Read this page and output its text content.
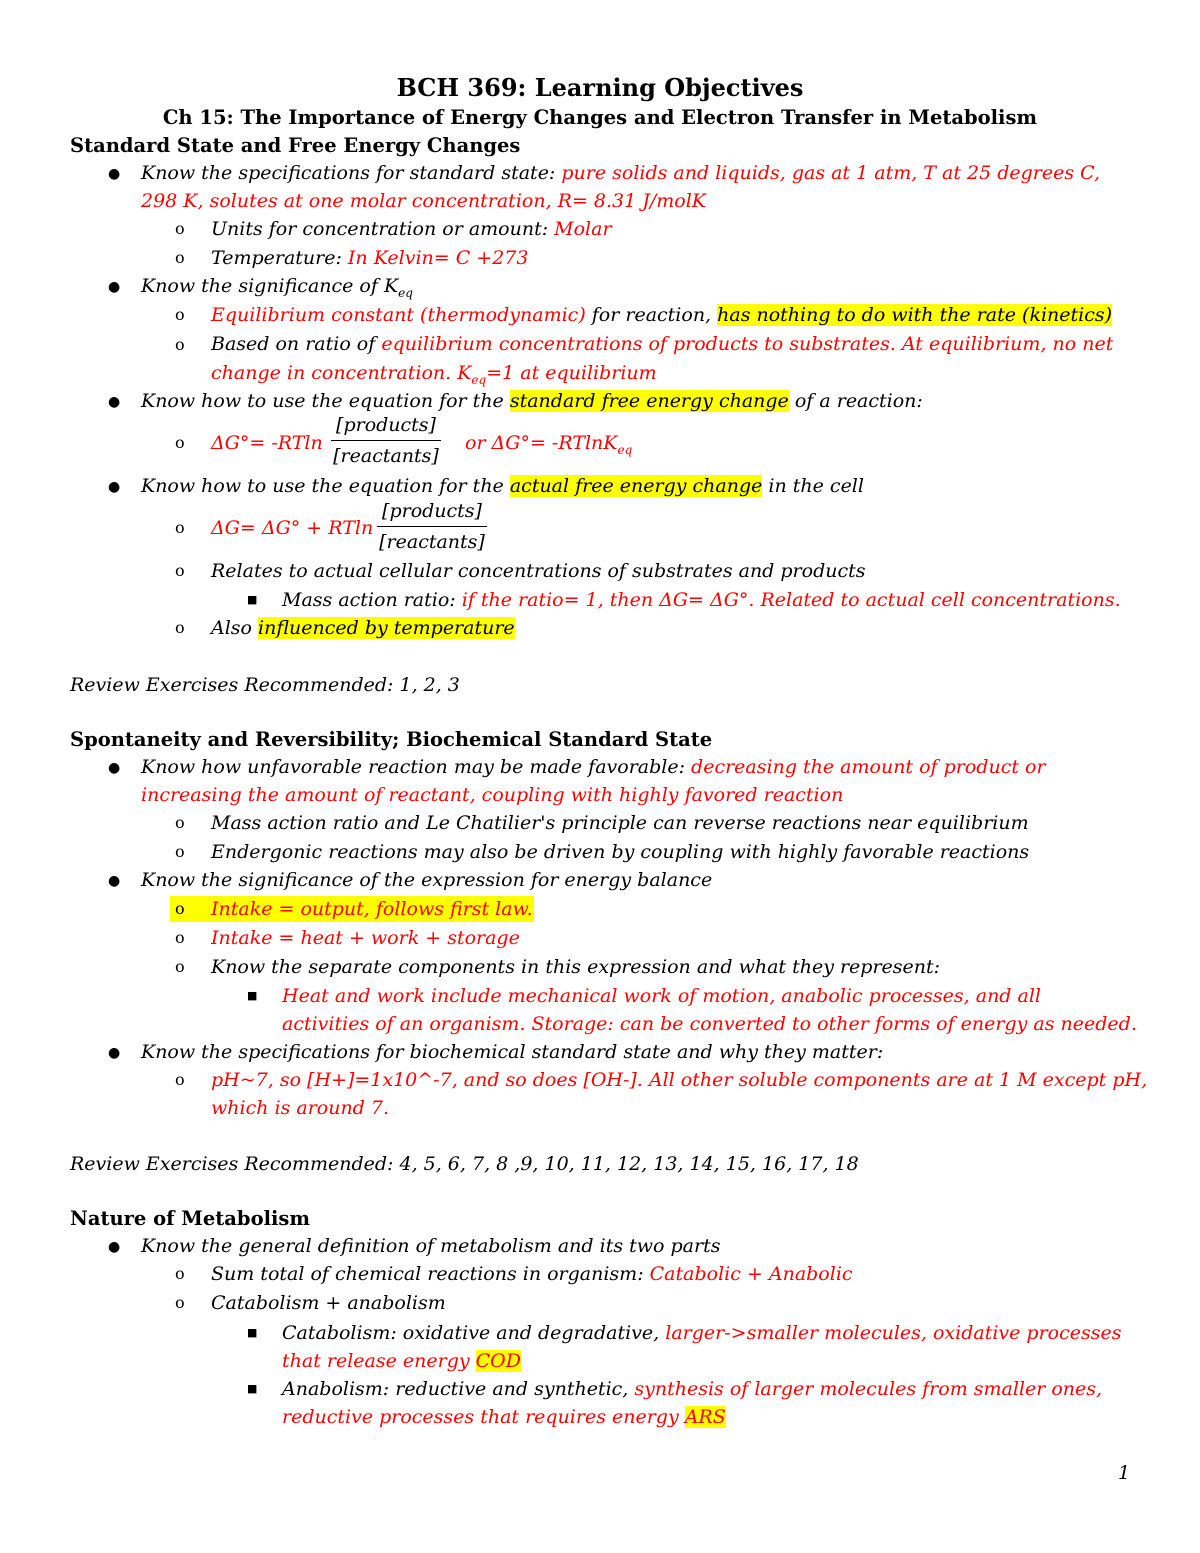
BCH 369: Learning Objectives
Ch 15: The Importance of Energy Changes and Electron Transfer in Metabolism
Standard State and Free Energy Changes
● Know the specifications for standard state: pure solids and liquids, gas at 1 atm, T at 25 degrees C,
298 K, solutes at one molar concentration, R= 8.31 J/molK
o Units for concentration or amount: Molar
o Temperature: In Kelvin= C +273
● Know the significance of $K_{eq}$
o Equilibrium constant (thermodynamic) for reaction, has nothing to do with the rate (kinetics)
o Based on ratio of equilibrium concentrations of products to substrates. At equilibrium, no net
change in concentration. $K_{eq}=1$ at equilibrium
● Know how to use the equation for the standard free energy change of a reaction:
o ΔG°= -RTln
[products]
[reactants]
or ΔG°= -RTlnK$_{eq}$
● Know how to use the equation for the actual free energy change in the cell
o ΔG= ΔG° + RTln
[products]
[reactants]
o Relates to actual cellular concentrations of substrates and products
■ Mass action ratio: if the ratio= 1, then ΔG= ΔG°. Related to actual cell concentrations.
o Also influenced by temperature
Review Exercises Recommended: 1, 2, 3
Spontaneity and Reversibility; Biochemical Standard State
● Know how unfavorable reaction may be made favorable: decreasing the amount of product or
increasing the amount of reactant, coupling with highly favored reaction
o Mass action ratio and Le Chatilier's principle can reverse reactions near equilibrium
o Endergonic reactions may also be driven by coupling with highly favorable reactions
● Know the significance of the expression for energy balance
o Intake = output, follows first law.
o Intake = heat + work + storage
o Know the separate components in this expression and what they represent:
■ Heat and work include mechanical work of motion, anabolic processes, and all
activities of an organism. Storage: can be converted to other forms of energy as needed.
● Know the specifications for biochemical standard state and why they matter:
o pH~7, so [H+]=1x10^-7, and so does [OH-]. All other soluble components are at 1 M except pH,
which is around 7.
Review Exercises Recommended: 4, 5, 6, 7, 8 ,9, 10, 11, 12, 13, 14, 15, 16, 17, 18
Nature of Metabolism
● Know the general definition of metabolism and its two parts
o Sum total of chemical reactions in organism: Catabolic + Anabolic
o Catabolism + anabolism
■ Catabolism: oxidative and degradative, larger->smaller molecules, oxidative processes
that release energy COD
■ Anabolism: reductive and synthetic, synthesis of larger molecules from smaller ones,
reductive processes that requires energy ARS
1
